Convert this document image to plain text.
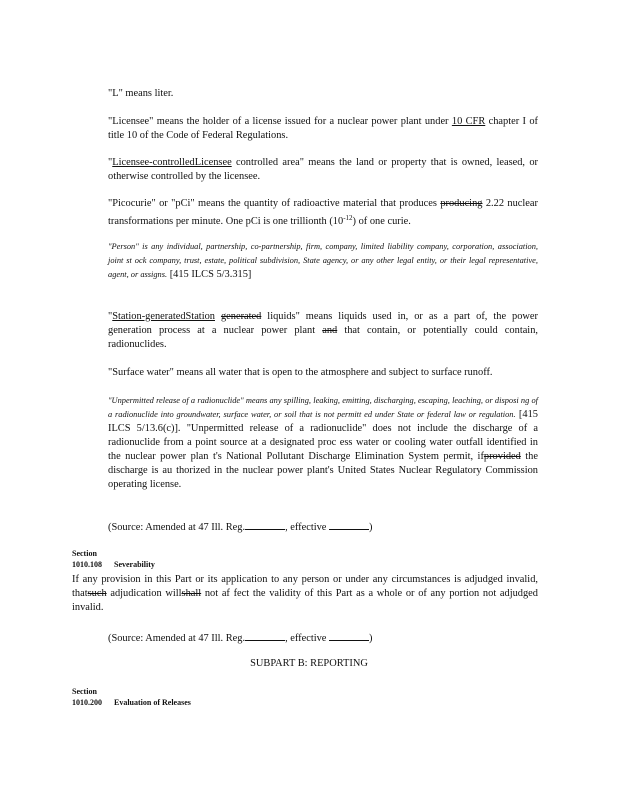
"L" means liter.

"Licensee" means the holder of a license issued for a nuclear power plant under 10 CFR chapter I of title 10 of the Code of Federal Regulations.

"Licensee-controlledLicensee controlled area" means the land or property that is owned, leased, or otherwise controlled by the licensee.

"Picocurie" or "pCi" means the quantity of radioactive material that produces producing 2.22 nuclear transformations per minute. One pCi is one trillionth $(10^{-12})$ of one curie.

"Person" is any individual, partnership, co-partnership, firm, company, limited liability company, corporation, association, joint st ock company, trust, estate, political subdivision, State agency, or any other legal entity, or their legal representative, agent, or assigns. [415 ILCS 5/3.315]

"Station-generatedStation generated liquids" means liquids used in, or as a part of, the power generation process at a nuclear power plant and that contain, or potentially could contain, radionuclides.

"Surface water" means all water that is open to the atmosphere and subject to surface runoff.

"Unpermitted release of a radionuclide" means any spilling, leaking, emitting, discharging, escaping, leaching, or disposi ng of a radionuclide into groundwater, surface water, or soil that is not permitt ed under State or federal law or regulation. [415 ILCS 5/13.6(c)]. "Unpermitted release of a radionuclide" does not include the discharge of a radionuclide from a point source at a designated proc ess water or cooling water outfall identified in the nuclear power plan t's National Pollutant Discharge Elimination System permit, ifprovided the discharge is au thorized in the nuclear power plant's United States Nuclear Regulatory Commission operating license.

(Source: Amended at 47 Ill. Reg.	, effective	)

Section 1010.108 Severability

If any provision in this Part or its application to any person or under any circumstances is adjudged invalid, thatsuch adjudication willshall not af fect the validity of this Part as a whole or of any portion not adjudged invalid.

(Source: Amended at 47 Ill. Reg.	, effective	)

SUBPART B: REPORTING
Section 1010.200 Evaluation of Releases
